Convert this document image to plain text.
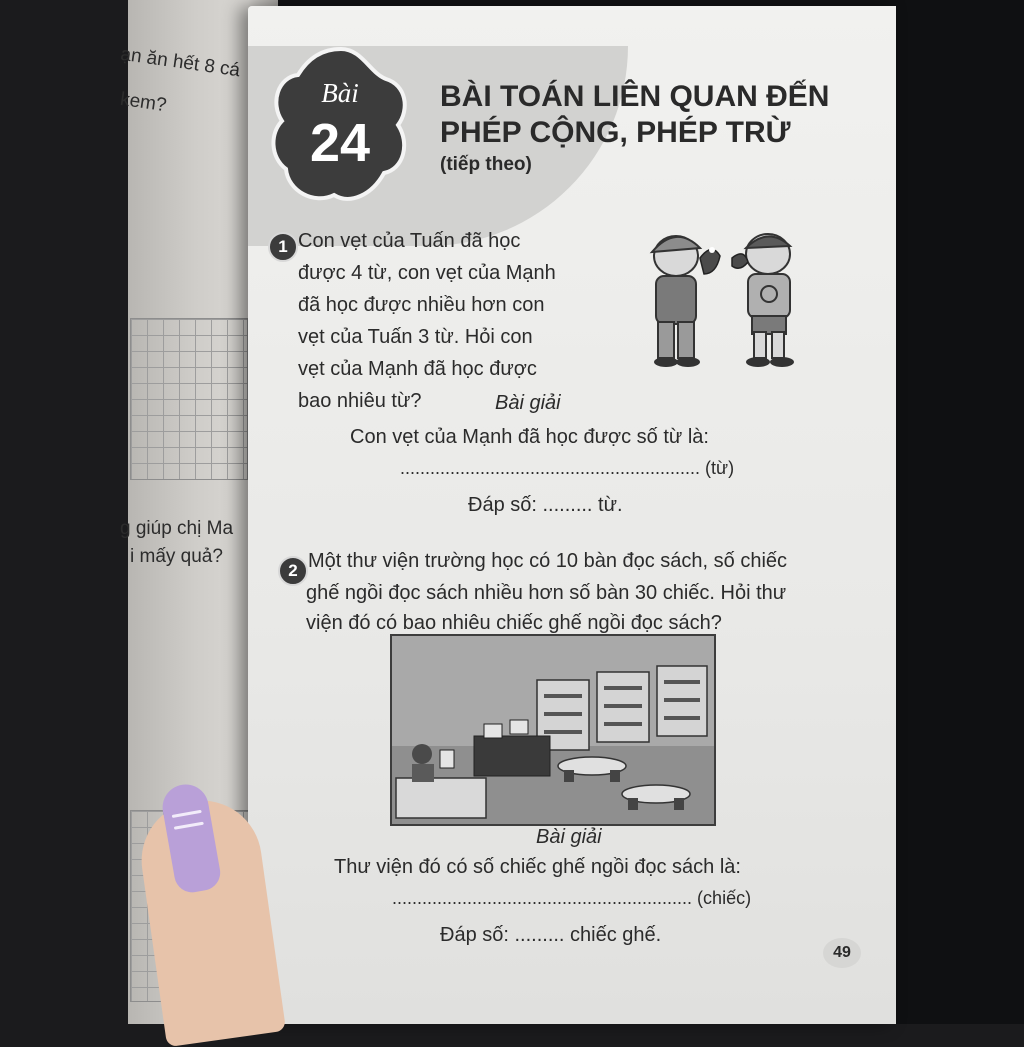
ạn ăn hết 8 cá
kem?
g giúp chị Ma
i mấy quả?
Bài
24
BÀI TOÁN LIÊN QUAN ĐẾN
PHÉP CỘNG, PHÉP TRỪ
(tiếp theo)
1 Con vẹt của Tuấn đã học
được 4 từ, con vẹt của Mạnh
đã học được nhiều hơn con
vẹt của Tuấn 3 từ. Hỏi con
vẹt của Mạnh đã học được
bao nhiêu từ?	Bài giải
Con vẹt của Mạnh đã học được số từ là:
............................................................ (từ)
Đáp số: ......... từ.
2 Một thư viện trường học có 10 bàn đọc sách, số chiếc
ghế ngồi đọc sách nhiều hơn số bàn 30 chiếc. Hỏi thư
viện đó có bao nhiêu chiếc ghế ngồi đọc sách?
Bài giải
Thư viện đó có số chiếc ghế ngồi đọc sách là:
............................................................ (chiếc)
Đáp số: ......... chiếc ghế.
49
